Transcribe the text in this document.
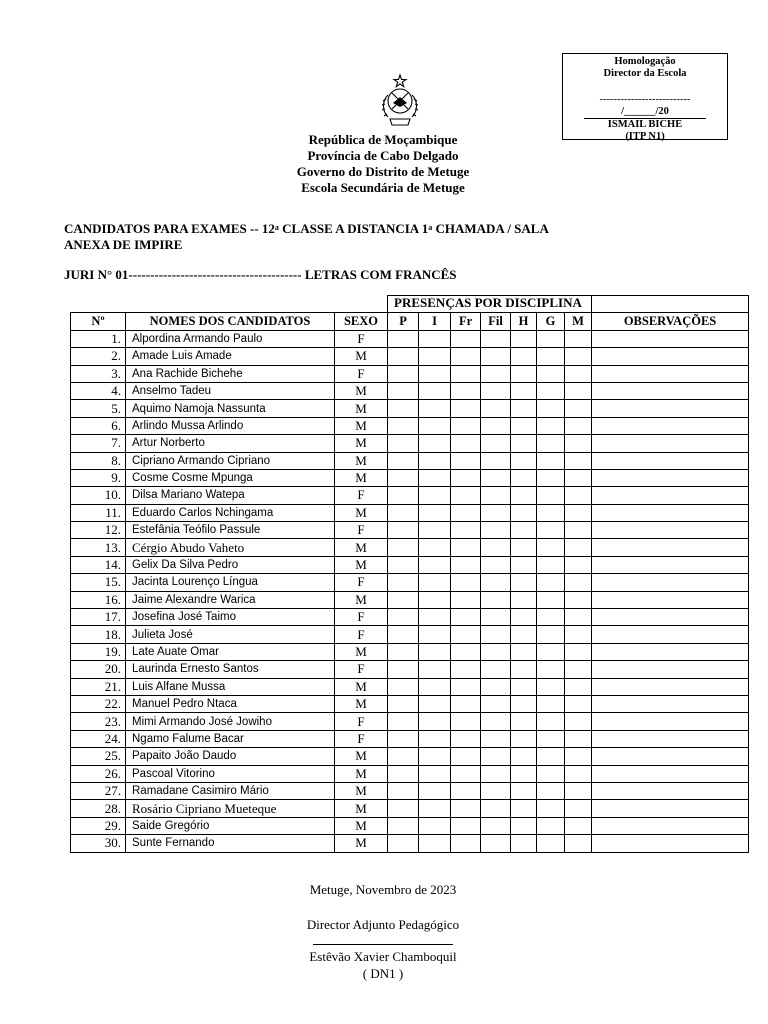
Homologação
Director da Escola
--------------------------
/______/20
ISMAIL BICHE
(ITP N1)
República de Moçambique
Província de Cabo Delgado
Governo do Distrito de Metuge
Escola Secundária de Metuge
CANDIDATOS PARA EXAMES -- 12$^a$ CLASSE A DISTANCIA 1$^a$ CHAMADA / SALA
ANEXA DE IMPIRE
JURI N° 01---------------------------------------- LETRAS COM FRANCÊS
			PRESENÇAS POR DISCIPLINA							
Nº	NOMES DOS CANDIDATOS	SEXO	P	I	Fr	Fil	H	G	M	OBSERVAÇÕES
1.	Alpordina Armando Paulo	F								
2.	Amade Luis Amade	M								
3.	Ana Rachide Bichehe	F								
4.	Anselmo Tadeu	M								
5.	Aquimo Namoja Nassunta	M								
6.	Arlindo Mussa Arlindo	M								
7.	Artur Norberto	M								
8.	Cipriano Armando Cipriano	M								
9.	Cosme Cosme Mpunga	M								
10.	Dilsa Mariano Watepa	F								
11.	Eduardo Carlos Nchingama	M								
12.	Estefânia Teófilo Passule	F								
13.	Cérgio Abudo Vaheto	M								
14.	Gelix Da Silva Pedro	M								
15.	Jacinta Lourenço Língua	F								
16.	Jaime Alexandre Warica	M								
17.	Josefina José Taimo	F								
18.	Julieta José	F								
19.	Late Auate Omar	M								
20.	Laurinda Ernesto Santos	F								
21.	Luis Alfane Mussa	M								
22.	Manuel Pedro Ntaca	M								
23.	Mimi Armando José Jowiho	F								
24.	Ngamo Falume Bacar	F								
25.	Papaito João Daudo	M								
26.	Pascoal Vitorino	M								
27.	Ramadane Casimiro Mário	M								
28.	Rosário Cipriano Mueteque	M								
29.	Saide Gregório	M								
30.	Sunte Fernando	M								
Metuge, Novembro de 2023
Director Adjunto Pedagógico
Estêvão Xavier Chamboquil
( DN1 )
